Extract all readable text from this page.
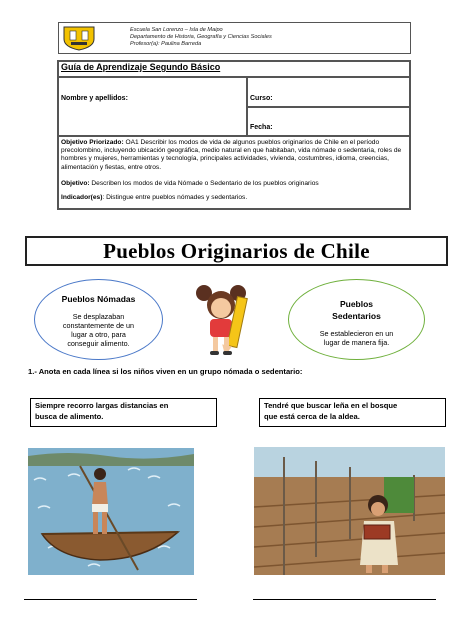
Escuela San Lorenzo – Isla de Maipo
Departamento de Historia, Geografía y Ciencias Sociales
Profesor(a): Paulina Barreda
Guía de Aprendizaje Segundo Básico
Nombre y apellidos:	Curso:
Fecha:
Objetivo Priorizado: OA1 Describir los modos de vida de algunos pueblos originarios de Chile en el período precolombino, incluyendo ubicación geográfica, medio natural en que habitaban, vida nómade o sedentaria, roles de hombres y mujeres, herramientas y tecnología, principales actividades, vivienda, costumbres, idioma, creencias, alimentación y fiestas, entre otros.
Objetivo: Describen los modos de vida Nómade o Sedentario de los pueblos originarios
Indicador(es): Distingue entre pueblos nómades y sedentarios.
Pueblos Originarios de Chile
Pueblos Nómadas
Se desplazaban
constantemente de un
lugar a otro, para
conseguir alimento.
Pueblos
Sedentarios
Se establecieron en un
lugar de manera fija.
1.- Anota en cada línea si los niños viven en un grupo nómada o sedentario:
Siempre recorro largas distancias en
busca de alimento.
Tendré que buscar leña en el bosque
que está cerca de la aldea.
